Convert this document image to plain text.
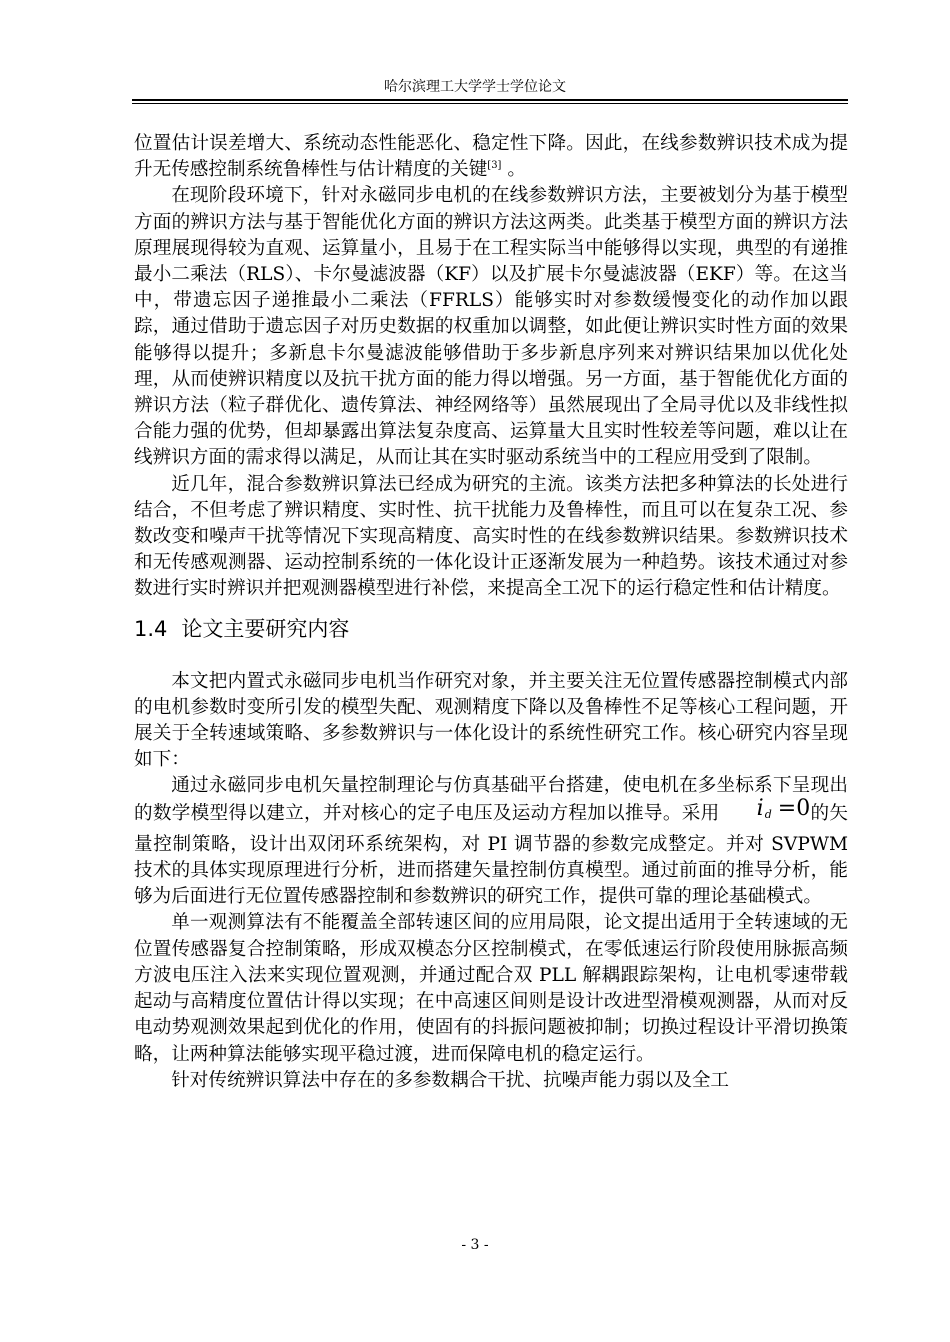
哈尔滨理工大学学士学位论文

位置估计误差增大、系统动态性能恶化、稳定性下降。因此，在线参数辨识技术成为提升无传感控制系统鲁棒性与估计精度的关键[3] 。

在现阶段环境下，针对永磁同步电机的在线参数辨识方法，主要被划分为基于模型方面的辨识方法与基于智能优化方面的辨识方法这两类。此类基于模型方面的辨识方法原理展现得较为直观、运算量小，且易于在工程实际当中能够得以实现，典型的有递推最小二乘法（RLS）、卡尔曼滤波器（KF）以及扩展卡尔曼滤波器（EKF）等。在这当中，带遗忘因子递推最小二乘法（FFRLS）能够实时对参数缓慢变化的动作加以跟踪，通过借助于遗忘因子对历史数据的权重加以调整，如此便让辨识实时性方面的效果能够得以提升；多新息卡尔曼滤波能够借助于多步新息序列来对辨识结果加以优化处理，从而使辨识精度以及抗干扰方面的能力得以增强。另一方面，基于智能优化方面的辨识方法（粒子群优化、遗传算法、神经网络等）虽然展现出了全局寻优以及非线性拟合能力强的优势，但却暴露出算法复杂度高、运算量大且实时性较差等问题，难以让在线辨识方面的需求得以满足，从而让其在实时驱动系统当中的工程应用受到了限制。

近几年，混合参数辨识算法已经成为研究的主流。该类方法把多种算法的长处进行结合，不但考虑了辨识精度、实时性、抗干扰能力及鲁棒性，而且可以在复杂工况、参数改变和噪声干扰等情况下实现高精度、高实时性的在线参数辨识结果。参数辨识技术和无传感观测器、运动控制系统的一体化设计正逐渐发展为一种趋势。该技术通过对参数进行实时辨识并把观测器模型进行补偿，来提高全工况下的运行稳定性和估计精度。

1.4 论文主要研究内容

本文把内置式永磁同步电机当作研究对象，并主要关注无位置传感器控制模式内部的电机参数时变所引发的模型失配、观测精度下降以及鲁棒性不足等核心工程问题，开展关于全转速域策略、多参数辨识与一体化设计的系统性研究工作。核心研究内容呈现如下：

通过永磁同步电机矢量控制理论与仿真基础平台搭建，使电机在多坐标系下呈现出的数学模型得以建立，并对核心的定子电压及运动方程加以推导。采用 $i_d =0$的矢量控制策略，设计出双闭环系统架构，对 PI 调节器的参数完成整定。并对 SVPWM 技术的具体实现原理进行分析，进而搭建矢量控制仿真模型。通过前面的推导分析，能够为后面进行无位置传感器控制和参数辨识的研究工作，提供可靠的理论基础模式。

单一观测算法有不能覆盖全部转速区间的应用局限，论文提出适用于全转速域的无位置传感器复合控制策略，形成双模态分区控制模式，在零低速运行阶段使用脉振高频方波电压注入法来实现位置观测，并通过配合双 PLL 解耦跟踪架构，让电机零速带载起动与高精度位置估计得以实现；在中高速区间则是设计改进型滑模观测器，从而对反电动势观测效果起到优化的作用，使固有的抖振问题被抑制；切换过程设计平滑切换策略，让两种算法能够实现平稳过渡，进而保障电机的稳定运行。

针对传统辨识算法中存在的多参数耦合干扰、抗噪声能力弱以及全工

- 3 -
